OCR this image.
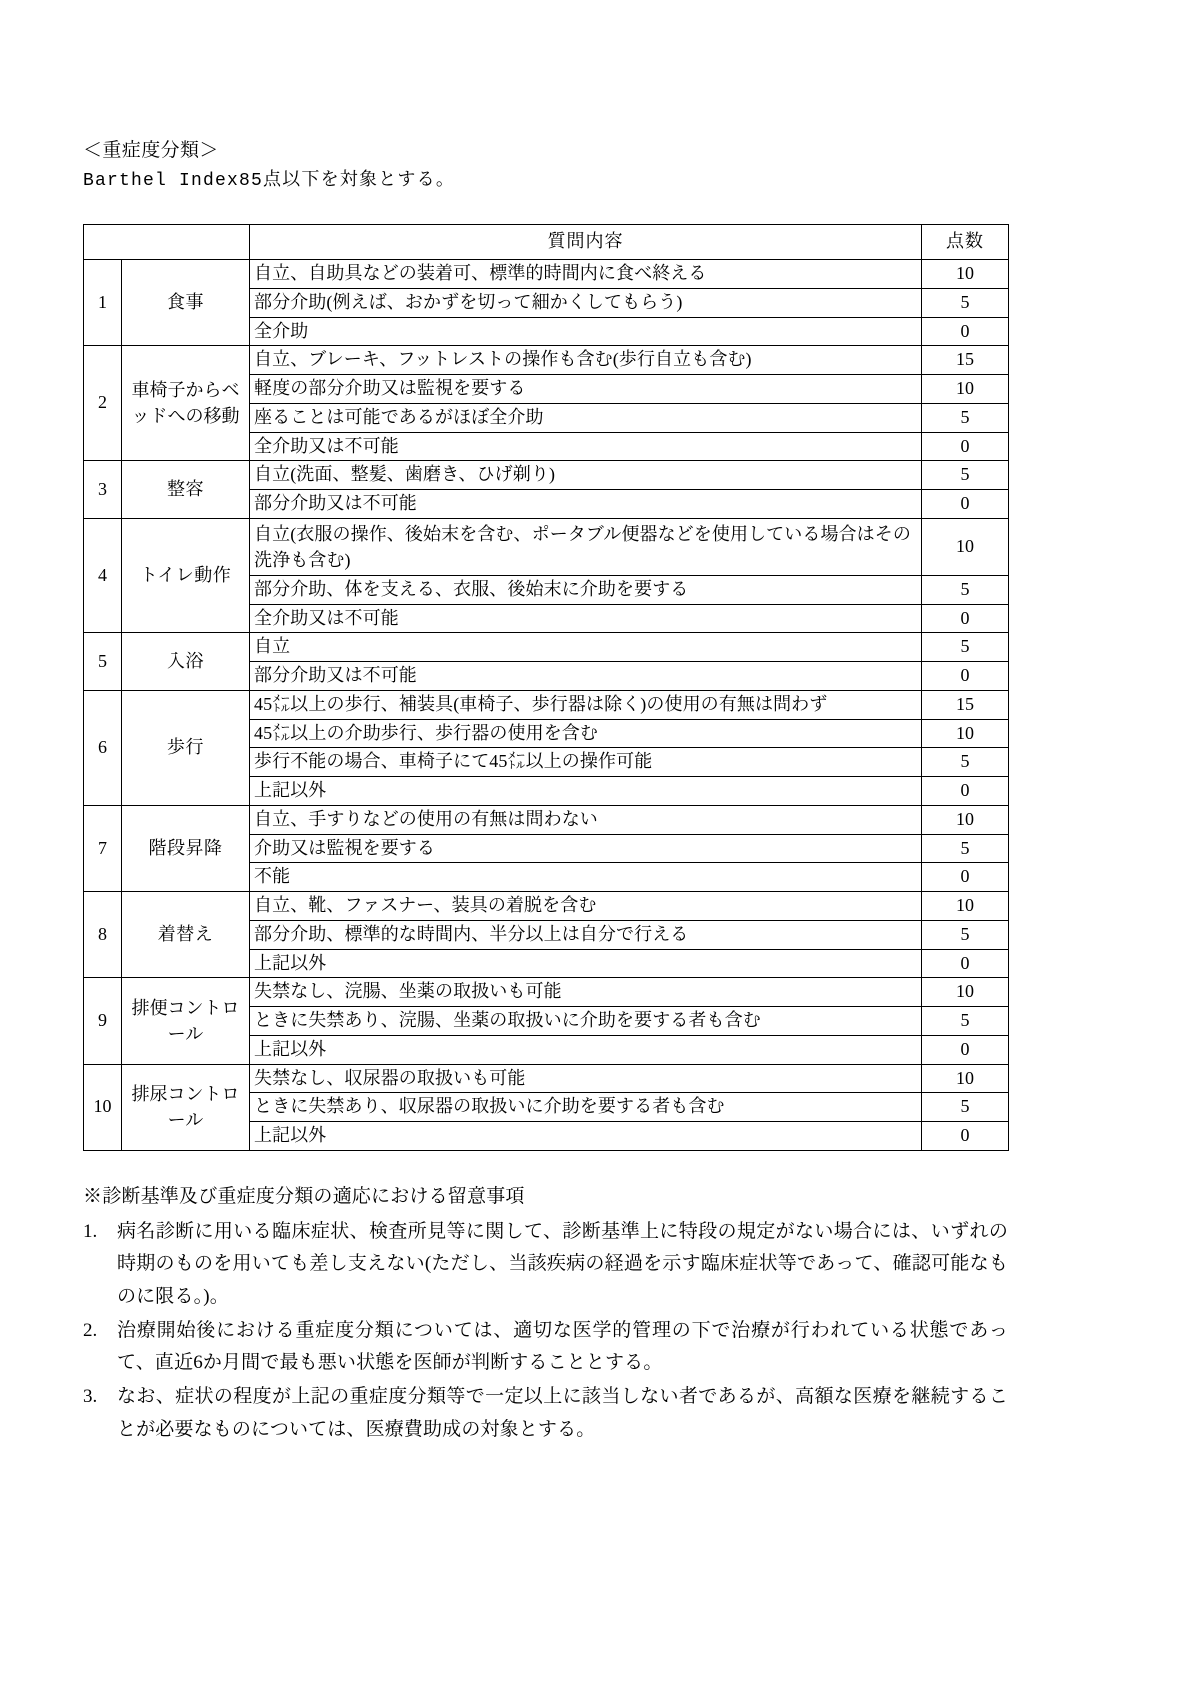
＜重症度分類＞
Barthel Index85点以下を対象とする。
		質問内容	点数
1	食事	自立、自助具などの装着可、標準的時間内に食べ終える	10
		部分介助(例えば、おかずを切って細かくしてもらう)	5
		全介助	0
2	車椅子からベッドへの移動	自立、ブレーキ、フットレストの操作も含む(歩行自立も含む)	15
		軽度の部分介助又は監視を要する	10
		座ることは可能であるがほぼ全介助	5
		全介助又は不可能	0
3	整容	自立(洗面、整髪、歯磨き、ひげ剃り)	5
		部分介助又は不可能	0
4	トイレ動作	自立(衣服の操作、後始末を含む、ポータブル便器などを使用している場合はその洗浄も含む)	10
		部分介助、体を支える、衣服、後始末に介助を要する	5
		全介助又は不可能	0
5	入浴	自立	5
		部分介助又は不可能	0
6	歩行	45㍍以上の歩行、補装具(車椅子、歩行器は除く)の使用の有無は問わず	15
		45㍍以上の介助歩行、歩行器の使用を含む	10
		歩行不能の場合、車椅子にて45㍍以上の操作可能	5
		上記以外	0
7	階段昇降	自立、手すりなどの使用の有無は問わない	10
		介助又は監視を要する	5
		不能	0
8	着替え	自立、靴、ファスナー、装具の着脱を含む	10
		部分介助、標準的な時間内、半分以上は自分で行える	5
		上記以外	0
9	排便コントロール	失禁なし、浣腸、坐薬の取扱いも可能	10
		ときに失禁あり、浣腸、坐薬の取扱いに介助を要する者も含む	5
		上記以外	0
10	排尿コントロール	失禁なし、収尿器の取扱いも可能	10
		ときに失禁あり、収尿器の取扱いに介助を要する者も含む	5
		上記以外	0
※診断基準及び重症度分類の適応における留意事項
1.	病名診断に用いる臨床症状、検査所見等に関して、診断基準上に特段の規定がない場合には、いずれの時期のものを用いても差し支えない(ただし、当該疾病の経過を示す臨床症状等であって、確認可能なものに限る。)。
2.	治療開始後における重症度分類については、適切な医学的管理の下で治療が行われている状態であって、直近6か月間で最も悪い状態を医師が判断することとする。
3.	なお、症状の程度が上記の重症度分類等で一定以上に該当しない者であるが、高額な医療を継続することが必要なものについては、医療費助成の対象とする。
